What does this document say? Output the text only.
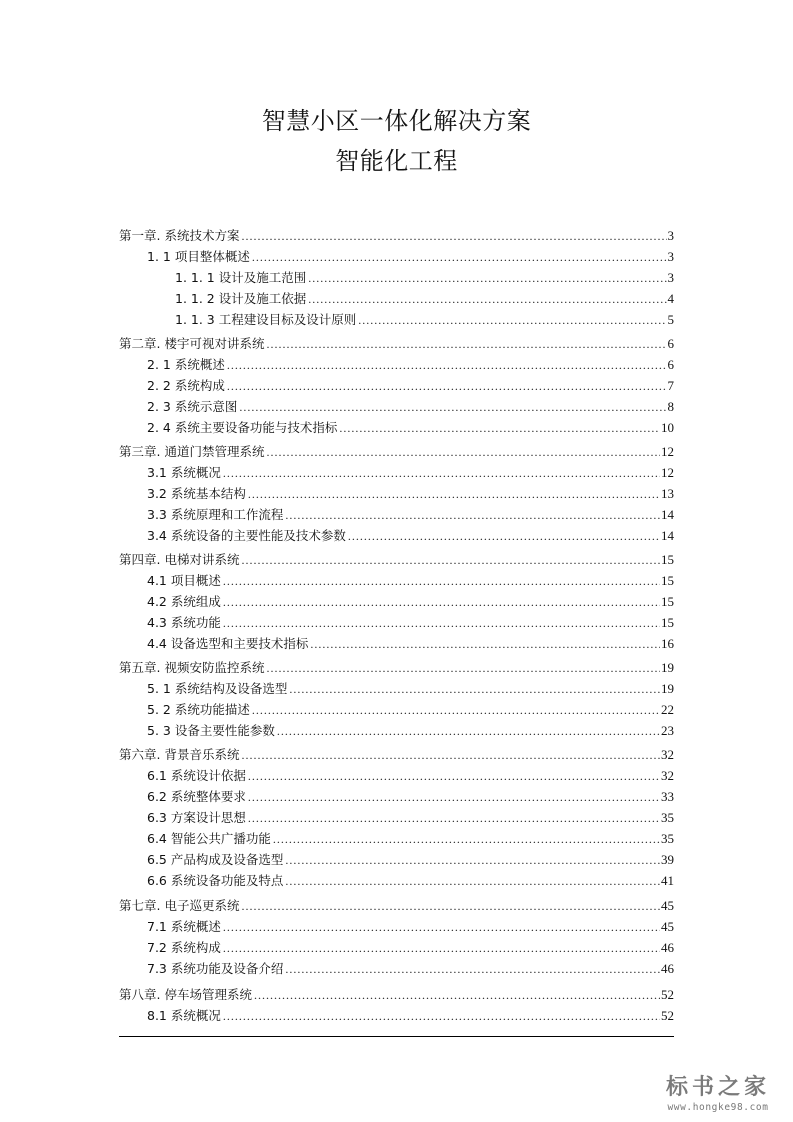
智慧小区一体化解决方案
智能化工程
第一章. 系统技术方案 .....	3
1. 1 项目整体概述 .....	3
1. 1. 1 设计及施工范围 .....	3
1. 1. 2 设计及施工依据 .....	4
1. 1. 3 工程建设目标及设计原则 .....	5
第二章. 楼宇可视对讲系统 .....	6
2. 1 系统概述 .....	6
2. 2 系统构成 .....	7
2. 3 系统示意图 .....	8
2. 4 系统主要设备功能与技术指标 .....	10
第三章. 通道门禁管理系统 .....	12
3.1 系统概况 .....	12
3.2 系统基本结构 .....	13
3.3 系统原理和工作流程 .....	14
3.4 系统设备的主要性能及技术参数 .....	14
第四章. 电梯对讲系统 .....	15
4.1 项目概述 .....	15
4.2 系统组成 .....	15
4.3 系统功能 .....	15
4.4 设备选型和主要技术指标 .....	16
第五章. 视频安防监控系统 .....	19
5. 1 系统结构及设备选型 .....	19
5. 2 系统功能描述 .....	22
5. 3 设备主要性能参数 .....	23
第六章. 背景音乐系统 .....	32
6.1 系统设计依据 .....	32
6.2 系统整体要求 .....	33
6.3 方案设计思想 .....	35
6.4 智能公共广播功能 .....	35
6.5 产品构成及设备选型 .....	39
6.6 系统设备功能及特点 .....	41
第七章. 电子巡更系统 .....	45
7.1 系统概述 .....	45
7.2 系统构成 .....	46
7.3 系统功能及设备介绍 .....	46
第八章. 停车场管理系统 .....	52
8.1 系统概况 .....	52
标书之家
www.hongke98.com
